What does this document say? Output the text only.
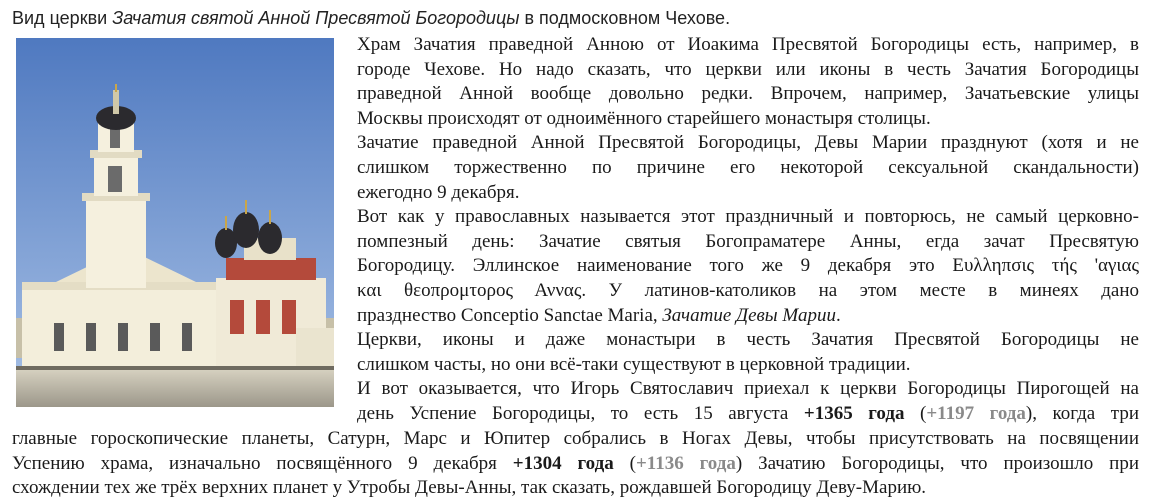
Вид церкви Зачатия святой Анной Пресвятой Богородицы в подмосковном Чехове.

Храм Зачатия праведной Анною от Иоакима Пресвятой Богородицы есть, например, в
городе Чехове. Но надо сказать, что церкви или иконы в честь Зачатия Богородицы
праведной Анной вообще довольно редки. Впрочем, например, Зачатьевские улицы
Москвы происходят от одноимённого старейшего монастыря столицы.

Зачатие праведной Анной Пресвятой Богородицы, Девы Марии празднуют (хотя и не
слишком торжественно по причине его некоторой сексуальной скандальности)
ежегодно 9 декабря.

Вот как у православных называется этот праздничный и повторюсь, не самый церковно-
помпезный день: Зачатие святыя Богопраматере Анны, егда зачат Пресвятую
Богородицу. Эллинское наименование того же 9 декабря это Ευλληπσις τής 'αγιας
και θεοπρομτορος Αννας. У латинов-католиков на этом месте в минеях дано
празднество Conceptio Sanctae Maria, Зачатие Девы Марии.

Церкви, иконы и даже монастыри в честь Зачатия Пресвятой Богородицы не
слишком часты, но они всё-таки существуют в церковной традиции.

И вот оказывается, что Игорь Святославич приехал к церкви Богородицы Пирогощей на
день Успение Богородицы, то есть 15 августа +1365 года (+1197 года), когда три

главные гороскопические планеты, Сатурн, Марс и Юпитер собрались в Ногах Девы, чтобы присутствовать на посвящении
Успению храма, изначально посвящённого 9 декабря +1304 года (+1136 года) Зачатию Богородицы, что произошло при
схождении тех же трёх верхних планет у Утробы Девы-Анны, так сказать, рождавшей Богородицу Деву-Марию.
